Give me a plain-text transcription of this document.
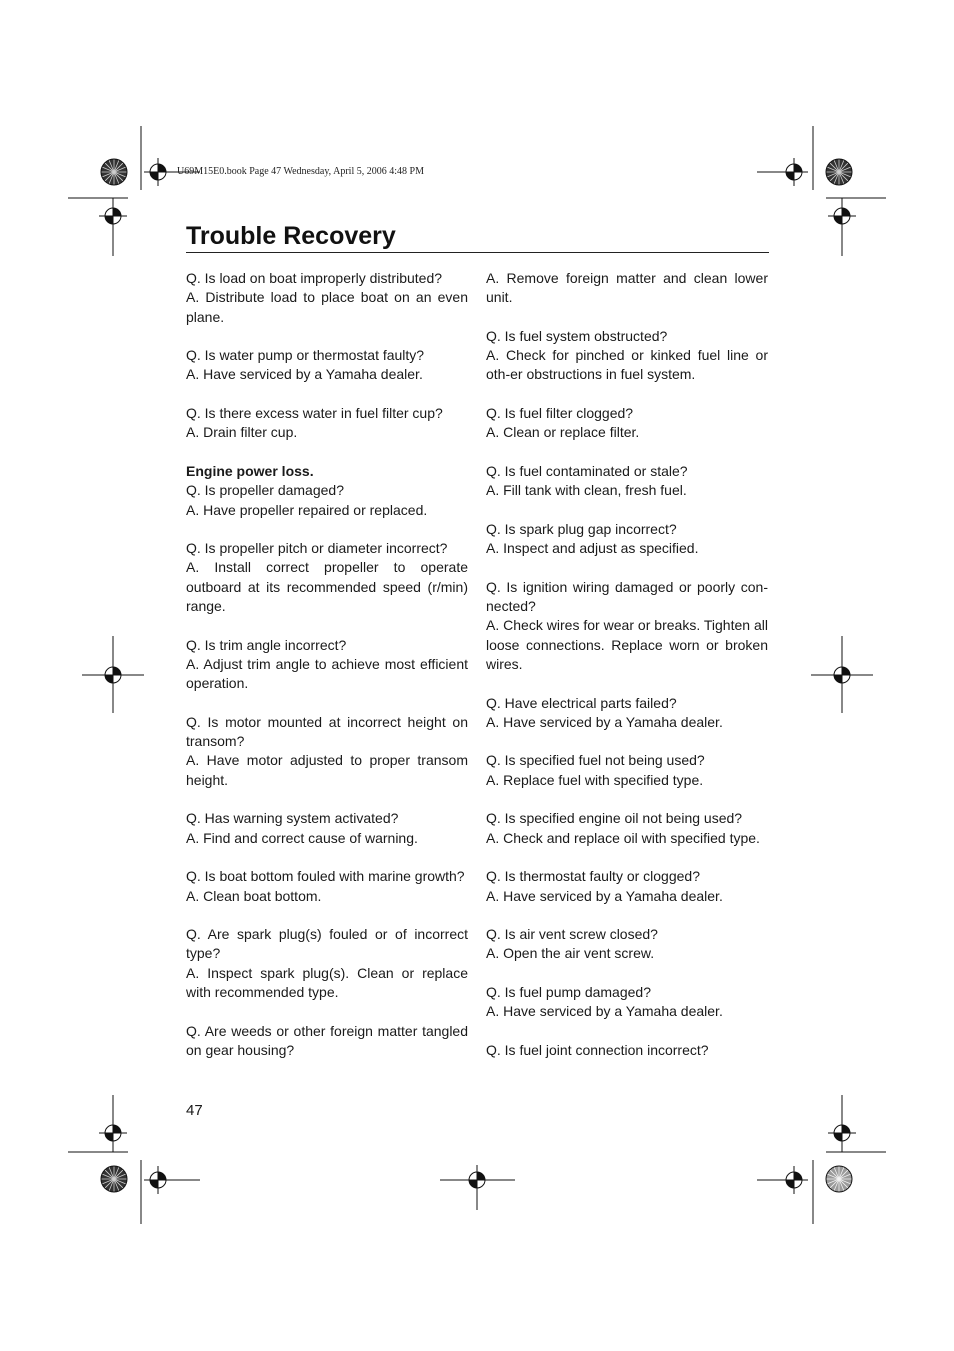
U69M15E0.book Page 47 Wednesday, April 5, 2006 4:48 PM
Trouble Recovery

Q. Is load on boat improperly distributed?

A. Distribute load to place boat on an even plane.

Q. Is water pump or thermostat faulty?

A. Have serviced by a Yamaha dealer.

Q. Is there excess water in fuel filter cup?

A. Drain filter cup.

Engine power loss.

Q. Is propeller damaged?

A. Have propeller repaired or replaced.

Q. Is propeller pitch or diameter incorrect?

A. Install correct propeller to operate outboard at its recommended speed (r/min) range.

Q. Is trim angle incorrect?

A. Adjust trim angle to achieve most efficient operation.

Q. Is motor mounted at incorrect height on transom?

A. Have motor adjusted to proper transom height.

Q. Has warning system activated?

A. Find and correct cause of warning.

Q. Is boat bottom fouled with marine growth?

A. Clean boat bottom.

Q. Are spark plug(s) fouled or of incorrect type?

A. Inspect spark plug(s). Clean or replace with recommended type.

Q. Are weeds or other foreign matter tangled on gear housing?

A. Remove foreign matter and clean lower unit.

Q. Is fuel system obstructed?

A. Check for pinched or kinked fuel line or oth-er obstructions in fuel system.

Q. Is fuel filter clogged?

A. Clean or replace filter.

Q. Is fuel contaminated or stale?

A. Fill tank with clean, fresh fuel.

Q. Is spark plug gap incorrect?

A. Inspect and adjust as specified.

Q. Is ignition wiring damaged or poorly con-nected?

A. Check wires for wear or breaks. Tighten all loose connections. Replace worn or broken wires.

Q. Have electrical parts failed?

A. Have serviced by a Yamaha dealer.

Q. Is specified fuel not being used?

A. Replace fuel with specified type.

Q. Is specified engine oil not being used?

A. Check and replace oil with specified type.

Q. Is thermostat faulty or clogged?

A. Have serviced by a Yamaha dealer.

Q. Is air vent screw closed?

A. Open the air vent screw.

Q. Is fuel pump damaged?

A. Have serviced by a Yamaha dealer.

Q. Is fuel joint connection incorrect?

47
